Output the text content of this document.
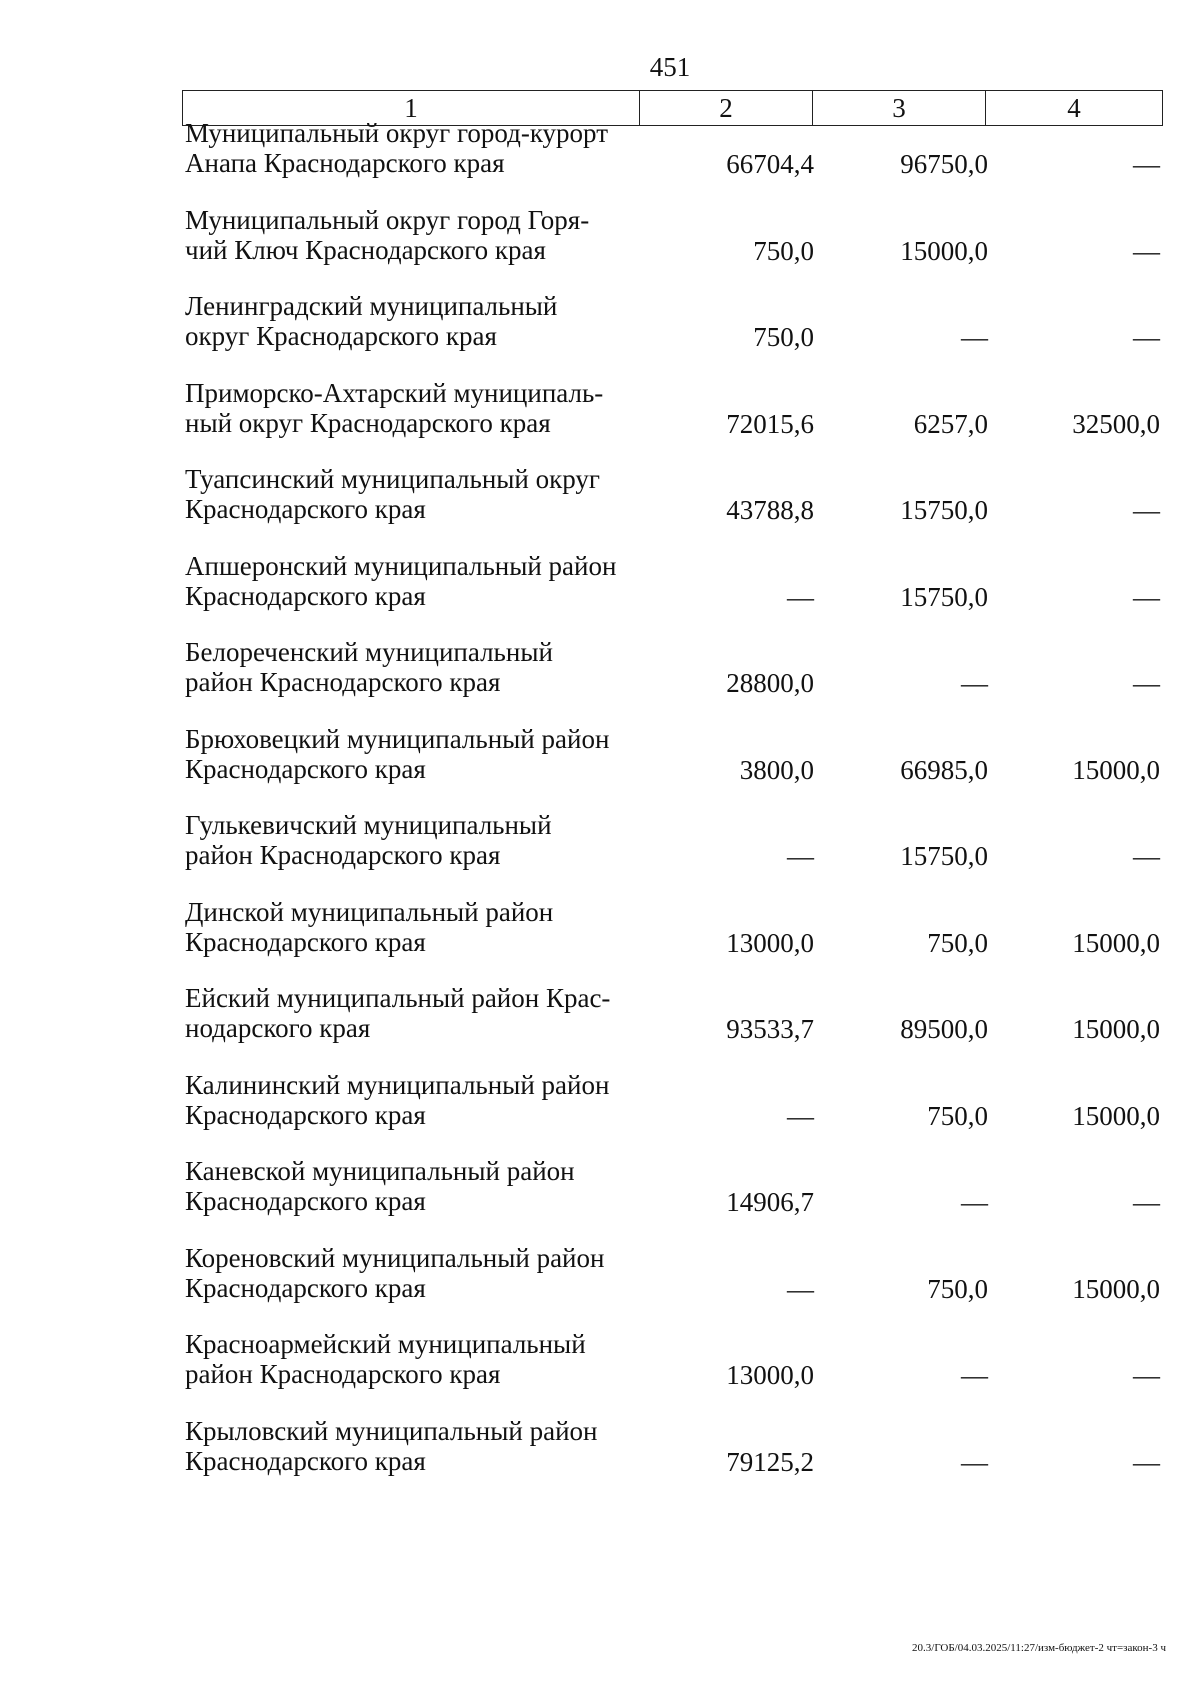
451
1	2	3	4
Муниципальный округ город-курорт
Анапа Краснодарского края	66704,4	96750,0	—
Муниципальный округ город Горя-
чий Ключ Краснодарского края	750,0	15000,0	—
Ленинградский муниципальный
округ Краснодарского края	750,0	—	—
Приморско-Ахтарский муниципаль-
ный округ Краснодарского края	72015,6	6257,0	32500,0
Туапсинский муниципальный округ
Краснодарского края	43788,8	15750,0	—
Апшеронский муниципальный район
Краснодарского края	—	15750,0	—
Белореченский муниципальный
район Краснодарского края	28800,0	—	—
Брюховецкий муниципальный район
Краснодарского края	3800,0	66985,0	15000,0
Гулькевичский муниципальный
район Краснодарского края	—	15750,0	—
Динской муниципальный район
Краснодарского края	13000,0	750,0	15000,0
Ейский муниципальный район Крас-
нодарского края	93533,7	89500,0	15000,0
Калининский муниципальный район
Краснодарского края	—	750,0	15000,0
Каневской муниципальный район
Краснодарского края	14906,7	—	—
Кореновский муниципальный район
Краснодарского края	—	750,0	15000,0
Красноармейский муниципальный
район Краснодарского края	13000,0	—	—
Крыловский муниципальный район
Краснодарского края	79125,2	—	—
20.3/ГОБ/04.03.2025/11:27/изм-бюджет-2 чт=закон-3 ч
